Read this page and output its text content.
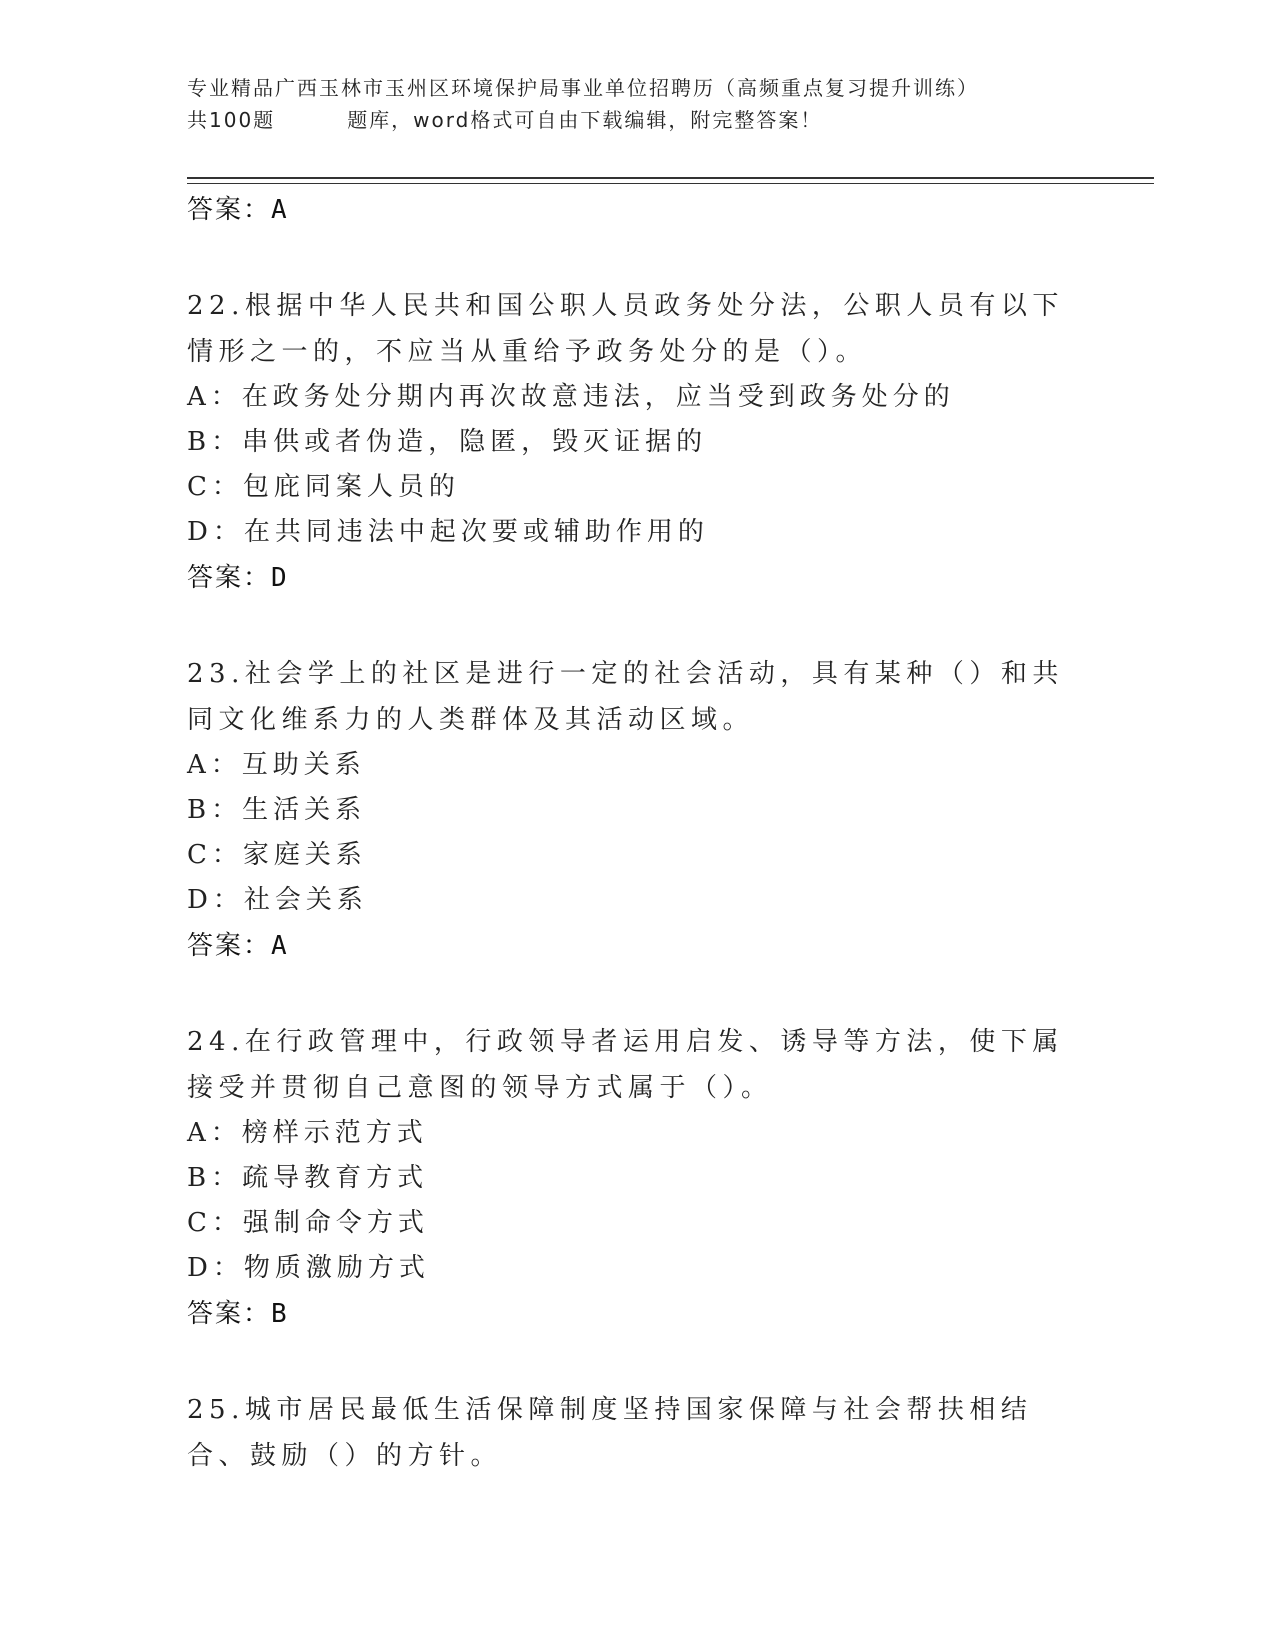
专业精品广西玉林市玉州区环境保护局事业单位招聘历（高频重点复习提升训练）
共100题	题库，word格式可自由下载编辑，附完整答案！

答案：A

22.根据中华人民共和国公职人员政务处分法，公职人员有以下情形之一的，不应当从重给予政务处分的是（）。

A：在政务处分期内再次故意违法，应当受到政务处分的

B：串供或者伪造，隐匿，毁灭证据的

C：包庇同案人员的

D：在共同违法中起次要或辅助作用的

答案：D

23.社会学上的社区是进行一定的社会活动，具有某种（）和共同文化维系力的人类群体及其活动区域。

A：互助关系

B：生活关系

C：家庭关系

D：社会关系

答案：A

24.在行政管理中，行政领导者运用启发、诱导等方法，使下属接受并贯彻自己意图的领导方式属于（）。

A：榜样示范方式

B：疏导教育方式

C：强制命令方式

D：物质激励方式

答案：B

25.城市居民最低生活保障制度坚持国家保障与社会帮扶相结合、鼓励（）的方针。
